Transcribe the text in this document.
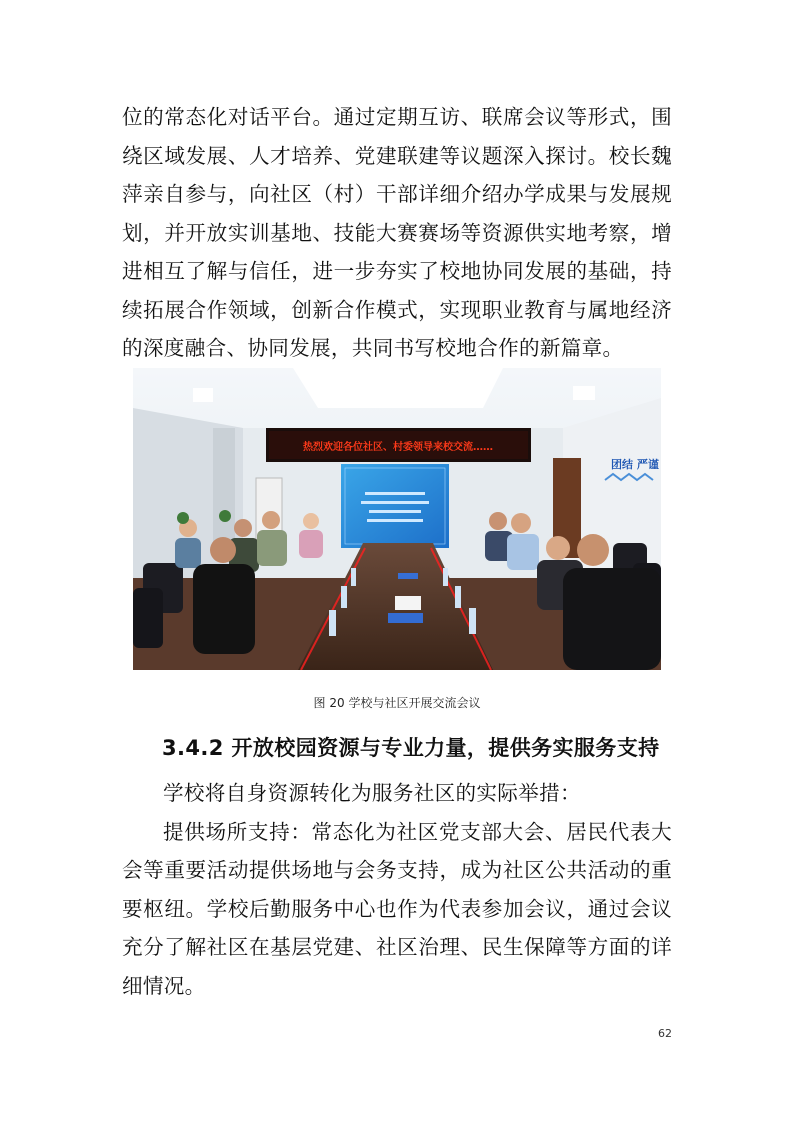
位的常态化对话平台。通过定期互访、联席会议等形式，围
绕区域发展、人才培养、党建联建等议题深入探讨。校长魏
萍亲自参与，向社区（村）干部详细介绍办学成果与发展规
划，并开放实训基地、技能大赛赛场等资源供实地考察，增
进相互了解与信任，进一步夯实了校地协同发展的基础，持
续拓展合作领域，创新合作模式，实现职业教育与属地经济
的深度融合、协同发展，共同书写校地合作的新篇章。
热烈欢迎各位社区、村委领导来校交流……
团结 严谨
图 20 学校与社区开展交流会议
3.4.2 开放校园资源与专业力量，提供务实服务支持
学校将自身资源转化为服务社区的实际举措：
提供场所支持：常态化为社区党支部大会、居民代表大
会等重要活动提供场地与会务支持，成为社区公共活动的重
要枢纽。学校后勤服务中心也作为代表参加会议，通过会议
充分了解社区在基层党建、社区治理、民生保障等方面的详
细情况。
62
